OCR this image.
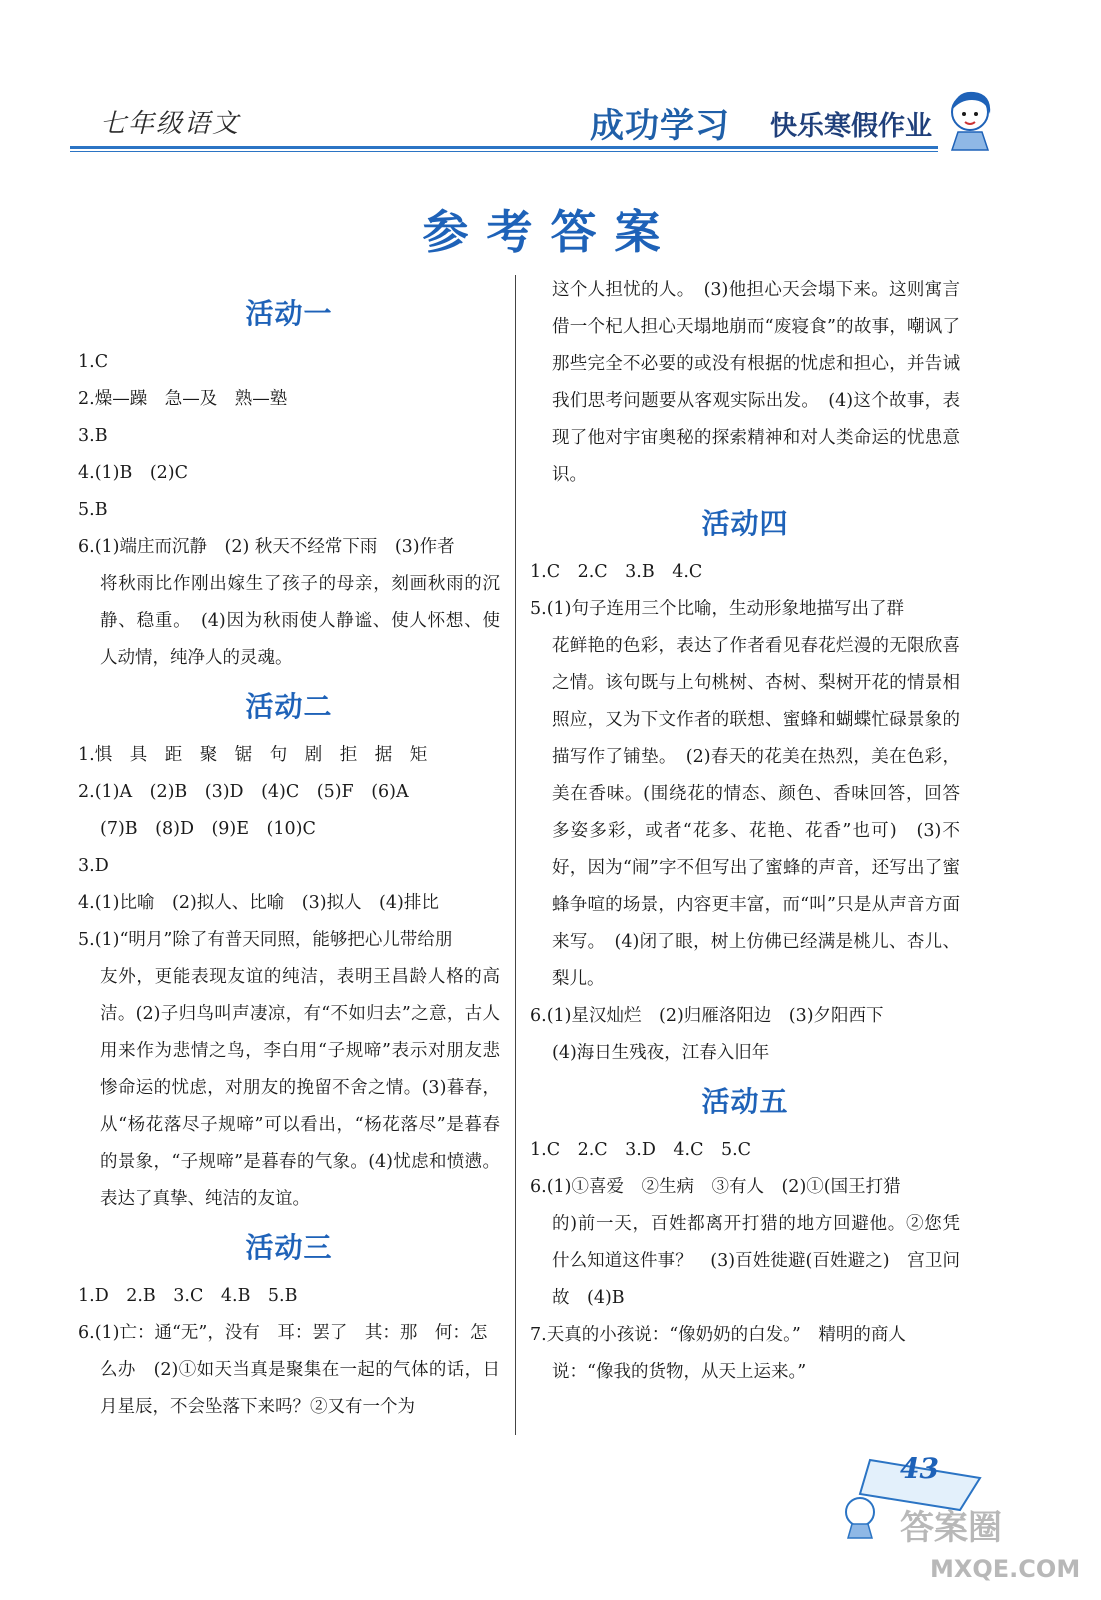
七年级语文	成功学习 快乐寒假作业
参考答案
活动一
1.C
2.燥—躁　急—及　熟—塾
3.B
4.(1)B　(2)C
5.B
6.(1)端庄而沉静　(2) 秋天不经常下雨　(3)作者
将秋雨比作刚出嫁生了孩子的母亲，刻画秋雨的沉静、稳重。　(4)因为秋雨使人静谧、使人怀想、使人动情，纯净人的灵魂。
活动二
1.惧　具　距　聚　锯　句　剧　拒　据　矩
2.(1)A　(2)B　(3)D　(4)C　(5)F　(6)A
(7)B　(8)D　(9)E　(10)C
3.D
4.(1)比喻　(2)拟人、比喻　(3)拟人　(4)排比
5.(1)“明月”除了有普天同照，能够把心儿带给朋
友外，更能表现友谊的纯洁，表明王昌龄人格的高洁。(2)子归鸟叫声凄凉，有“不如归去”之意，古人用来作为悲情之鸟，李白用“子规啼”表示对朋友悲惨命运的忧虑，对朋友的挽留不舍之情。(3)暮春，从“杨花落尽子规啼”可以看出，“杨花落尽”是暮春的景象，“子规啼”是暮春的气象。(4)忧虑和愤懑。表达了真挚、纯洁的友谊。
活动三
1.D　2.B　3.C　4.B　5.B
6.(1)亡：通“无”，没有　耳：罢了　其：那　何：怎
么办　(2)①如天当真是聚集在一起的气体的话，日月星辰，不会坠落下来吗？②又有一个为
这个人担忧的人。　(3)他担心天会塌下来。这则寓言借一个杞人担心天塌地崩而“废寝食”的故事，嘲讽了那些完全不必要的或没有根据的忧虑和担心，并告诫我们思考问题要从客观实际出发。　(4)这个故事，表现了他对宇宙奥秘的探索精神和对人类命运的忧患意识。
活动四
1.C　2.C　3.B　4.C
5.(1)句子连用三个比喻，生动形象地描写出了群
花鲜艳的色彩，表达了作者看见春花烂漫的无限欣喜之情。该句既与上句桃树、杏树、梨树开花的情景相照应，又为下文作者的联想、蜜蜂和蝴蝶忙碌景象的描写作了铺垫。　(2)春天的花美在热烈，美在色彩，美在香味。(围绕花的情态、颜色、香味回答，回答多姿多彩，或者“花多、花艳、花香”也可)　(3)不好，因为“闹”字不但写出了蜜蜂的声音，还写出了蜜蜂争喧的场景，内容更丰富，而“叫”只是从声音方面来写。　(4)闭了眼，树上仿佛已经满是桃儿、杏儿、梨儿。
6.(1)星汉灿烂　(2)归雁洛阳边　(3)夕阳西下
(4)海日生残夜，江春入旧年
活动五
1.C　2.C　3.D　4.C　5.C
6.(1)①喜爱　②生病　③有人　(2)①(国王打猎
的)前一天，百姓都离开打猎的地方回避他。②您凭什么知道这件事？　(3)百姓徙避(百姓避之)　宫卫问故　(4)B
7.天真的小孩说：“像奶奶的白发。”　精明的商人
说：“像我的货物，从天上运来。”
43
答案圈
MXQE.COM
